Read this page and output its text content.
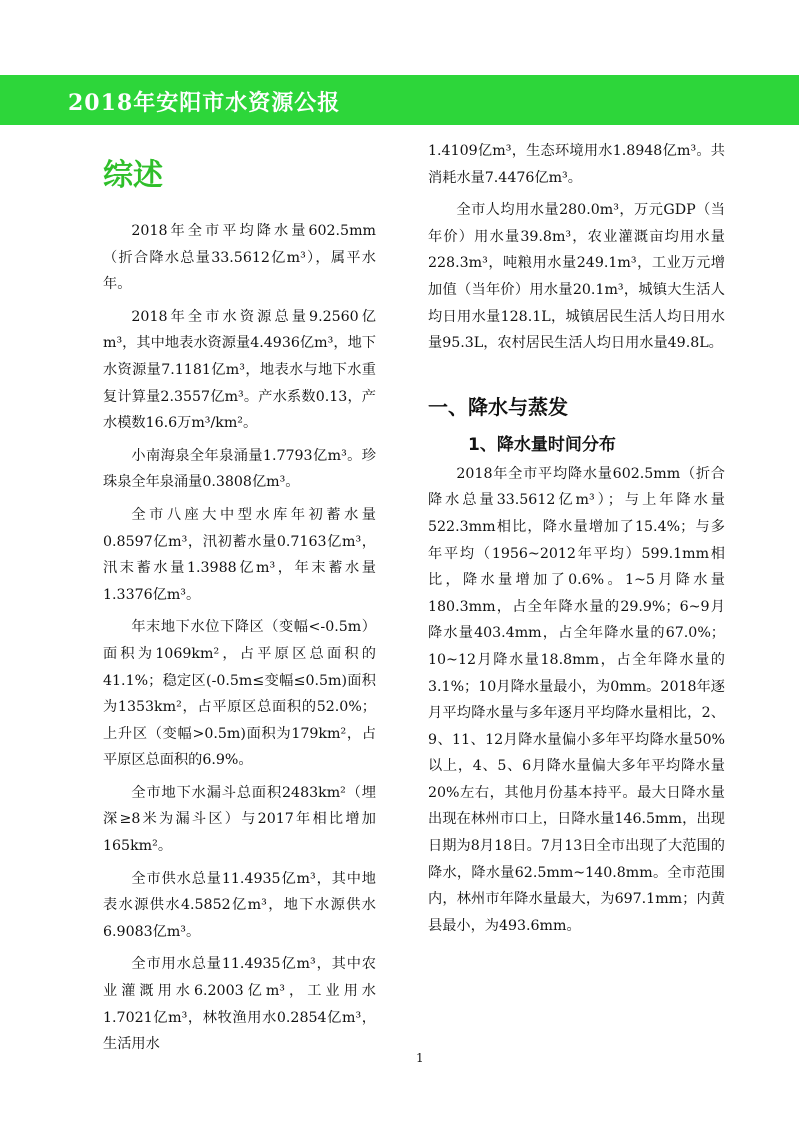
2018年安阳市水资源公报
综述

2018年全市平均降水量602.5mm（折合降水总量33.5612亿m³），属平水年。

2018年全市水资源总量9.2560亿m³，其中地表水资源量4.4936亿m³，地下水资源量7.1181亿m³，地表水与地下水重复计算量2.3557亿m³。产水系数0.13，产水模数16.6万m³/km²。

小南海泉全年泉涌量1.7793亿m³。珍珠泉全年泉涌量0.3808亿m³。

全市八座大中型水库年初蓄水量0.8597亿m³，汛初蓄水量0.7163亿m³，汛末蓄水量1.3988亿m³，年末蓄水量1.3376亿m³。

年末地下水位下降区（变幅<-0.5m）面积为1069km²，占平原区总面积的41.1%；稳定区(-0.5m≤变幅≤0.5m)面积为1353km²，占平原区总面积的52.0%；上升区（变幅>0.5m)面积为179km²，占平原区总面积的6.9%。

全市地下水漏斗总面积2483km²（埋深≥8米为漏斗区）与2017年相比增加165km²。

全市供水总量11.4935亿m³，其中地表水源供水4.5852亿m³，地下水源供水6.9083亿m³。

全市用水总量11.4935亿m³，其中农业灌溉用水6.2003亿m³，工业用水1.7021亿m³，林牧渔用水0.2854亿m³，生活用水

1.4109亿m³，生态环境用水1.8948亿m³。共消耗水量7.4476亿m³。

全市人均用水量280.0m³，万元GDP（当年价）用水量39.8m³，农业灌溉亩均用水量228.3m³，吨粮用水量249.1m³，工业万元增加值（当年价）用水量20.1m³，城镇大生活人均日用水量128.1L，城镇居民生活人均日用水量95.3L，农村居民生活人均日用水量49.8L。

一、降水与蒸发
1、降水量时间分布

2018年全市平均降水量602.5mm（折合降水总量33.5612亿m³）；与上年降水量522.3mm相比，降水量增加了15.4%；与多年平均（1956~2012年平均）599.1mm相比，降水量增加了0.6%。1~5月降水量180.3mm，占全年降水量的29.9%；6~9月降水量403.4mm，占全年降水量的67.0%；10~12月降水量18.8mm，占全年降水量的3.1%；10月降水量最小，为0mm。2018年逐月平均降水量与多年逐月平均降水量相比，2、9、11、12月降水量偏小多年平均降水量50%以上，4、5、6月降水量偏大多年平均降水量20%左右，其他月份基本持平。最大日降水量出现在林州市口上，日降水量146.5mm，出现日期为8月18日。7月13日全市出现了大范围的降水，降水量62.5mm~140.8mm。全市范围内，林州市年降水量最大，为697.1mm；内黄县最小，为493.6mm。

1
